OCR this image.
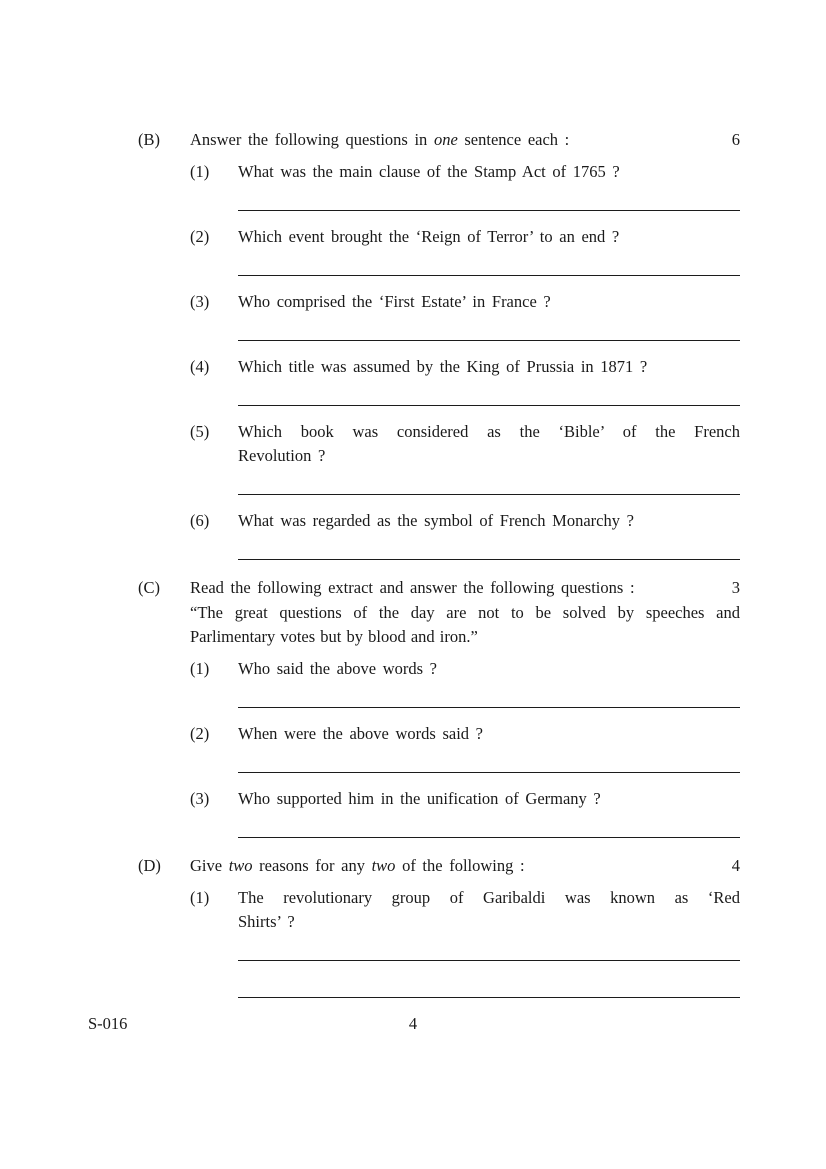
(B)	Answer the following questions in one sentence each :	6
(1)	What was the main clause of the Stamp Act of 1765 ?
(2)	Which event brought the ‘Reign of Terror’ to an end ?
(3)	Who comprised the ‘First Estate’ in France ?
(4)	Which title was assumed by the King of Prussia in 1871 ?
(5)	Which book was considered as the ‘Bible’ of the French
Revolution ?
(6)	What was regarded as the symbol of French Monarchy ?
(C)	Read the following extract and answer the following questions :	3
“The great questions of the day are not to be solved by speeches and
Parlimentary votes but by blood and iron.”
(1)	Who said the above words ?
(2)	When were the above words said ?
(3)	Who supported him in the unification of Germany ?
(D)	Give two reasons for any two of the following :	4
(1)	The revolutionary group of Garibaldi was known as ‘Red
Shirts’ ?
S-016	4
